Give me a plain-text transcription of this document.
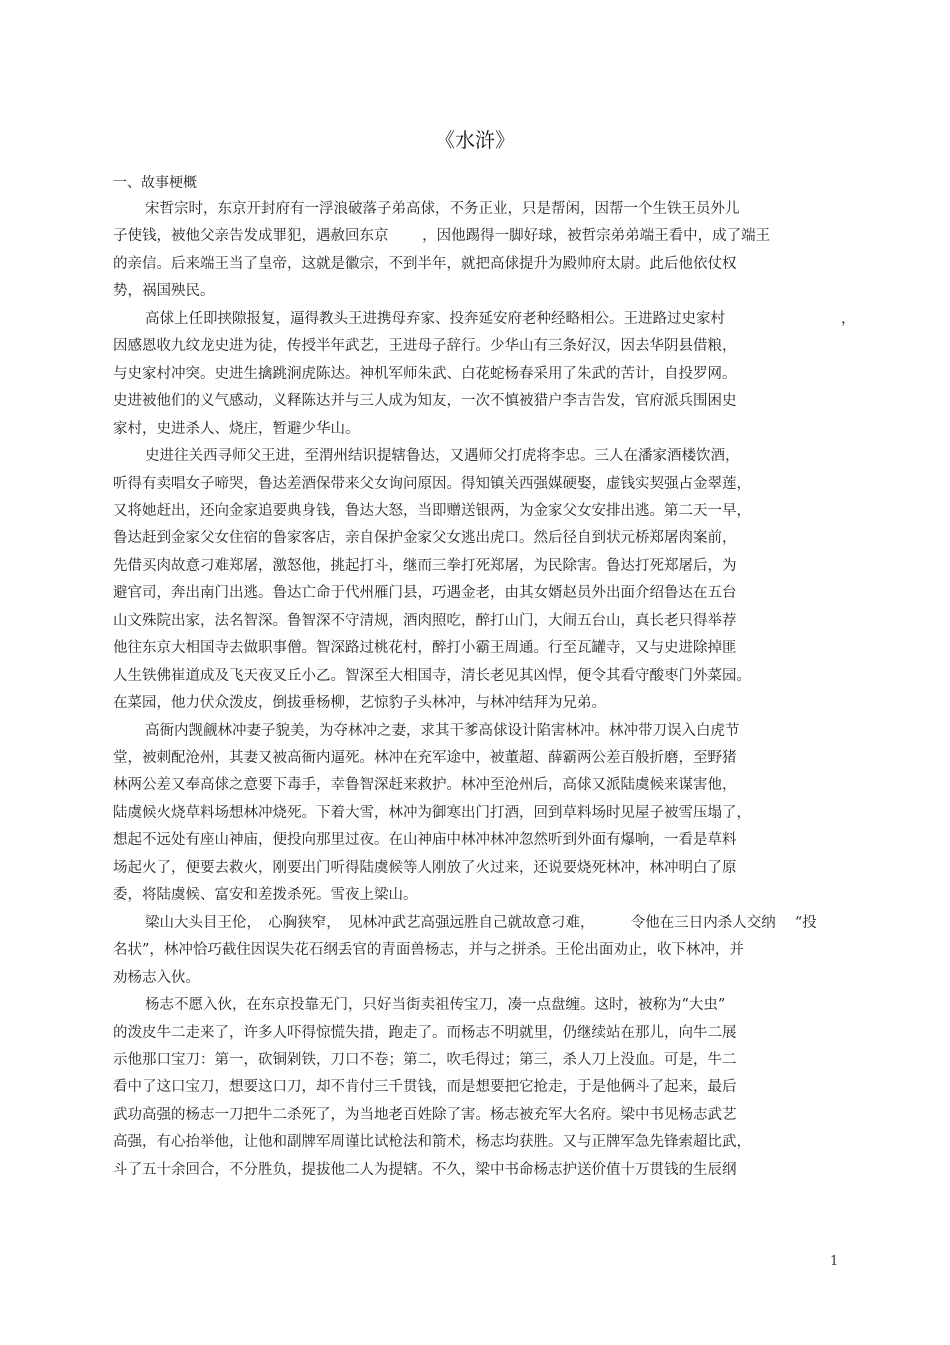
《水浒》
一、故事梗概
宋哲宗时，东京开封府有一浮浪破落子弟高俅，不务正业，只是帮闲，因帮一个生铁王员外儿
子使钱，被他父亲告发成罪犯，遇赦回东京　　 ，因他踢得一脚好球，被哲宗弟弟端王看中，成了端王
的亲信。后来端王当了皇帝，这就是徽宗，不到半年，就把高俅提升为殿帅府太尉。此后他依仗权
势，祸国殃民。
高俅上任即挟隙报复，逼得教头王进携母弃家、投奔延安府老种经略相公。王进路过史家村　　　　　　　　，
因感恩收九纹龙史进为徒，传授半年武艺，王进母子辞行。少华山有三条好汉，因去华阴县借粮，
与史家村冲突。史进生擒跳涧虎陈达。神机军师朱武、白花蛇杨春采用了朱武的苦计，自投罗网。
史进被他们的义气感动，义释陈达并与三人成为知友，一次不慎被猎户李吉告发，官府派兵围困史
家村，史进杀人、烧庄，暂避少华山。
史进往关西寻师父王进，至渭州结识提辖鲁达，又遇师父打虎将李忠。三人在潘家酒楼饮酒，
听得有卖唱女子啼哭，鲁达差酒保带来父女询问原因。得知镇关西强媒硬娶，虚钱实契强占金翠莲，
又将她赶出，还向金家追要典身钱，鲁达大怒，当即赠送银两，为金家父女安排出逃。第二天一早，
鲁达赶到金家父女住宿的鲁家客店，亲自保护金家父女逃出虎口。然后径自到状元桥郑屠肉案前，
先借买肉故意刁难郑屠，激怒他，挑起打斗，继而三拳打死郑屠，为民除害。鲁达打死郑屠后，为
避官司，奔出南门出逃。鲁达亡命于代州雁门县，巧遇金老，由其女婿赵员外出面介绍鲁达在五台
山文殊院出家，法名智深。鲁智深不守清规，酒肉照吃，醉打山门，大闹五台山，真长老只得举荐
他往东京大相国寺去做职事僧。智深路过桃花村，醉打小霸王周通。行至瓦罐寺，又与史进除掉匪
人生铁佛崔道成及飞天夜叉丘小乙。智深至大相国寺，清长老见其凶悍，便令其看守酸枣门外菜园。
在菜园，他力伏众泼皮，倒拔垂杨柳，艺惊豹子头林冲，与林冲结拜为兄弟。
高衙内觊觎林冲妻子貌美，为夺林冲之妻，求其干爹高俅设计陷害林冲。林冲带刀误入白虎节
堂，被刺配沧州，其妻又被高衙内逼死。林冲在充军途中，被董超、薛霸两公差百般折磨，至野猪
林两公差又奉高俅之意要下毒手，幸鲁智深赶来救护。林冲至沧州后，高俅又派陆虞候来谋害他，
陆虞候火烧草料场想林冲烧死。下着大雪，林冲为御寒出门打酒，回到草料场时见屋子被雪压塌了，
想起不远处有座山神庙，便投向那里过夜。在山神庙中林冲林冲忽然听到外面有爆响，一看是草料
场起火了，便要去救火，刚要出门听得陆虞候等人刚放了火过来，还说要烧死林冲，林冲明白了原
委，将陆虞候、富安和差拨杀死。雪夜上梁山。
梁山大头目王伦，　心胸狭窄，　见林冲武艺高强远胜自己就故意刁难，　　　令他在三日内杀人交纳　 “投
名状”，林冲恰巧截住因误失花石纲丢官的青面兽杨志，并与之拼杀。王伦出面劝止，收下林冲，并
劝杨志入伙。
杨志不愿入伙，在东京投靠无门，只好当街卖祖传宝刀，凑一点盘缠。这时，被称为“大虫”
的泼皮牛二走来了，许多人吓得惊慌失措，跑走了。而杨志不明就里，仍继续站在那儿，向牛二展
示他那口宝刀：第一，砍铜剁铁，刀口不卷；第二，吹毛得过；第三，杀人刀上没血。可是，牛二
看中了这口宝刀，想要这口刀，却不肯付三千贯钱，而是想要把它抢走，于是他俩斗了起来，最后
武功高强的杨志一刀把牛二杀死了，为当地老百姓除了害。杨志被充军大名府。梁中书见杨志武艺
高强，有心抬举他，让他和副牌军周谨比试枪法和箭术，杨志均获胜。又与正牌军急先锋索超比武，
斗了五十余回合，不分胜负，提拔他二人为提辖。不久，梁中书命杨志护送价值十万贯钱的生辰纲
1
